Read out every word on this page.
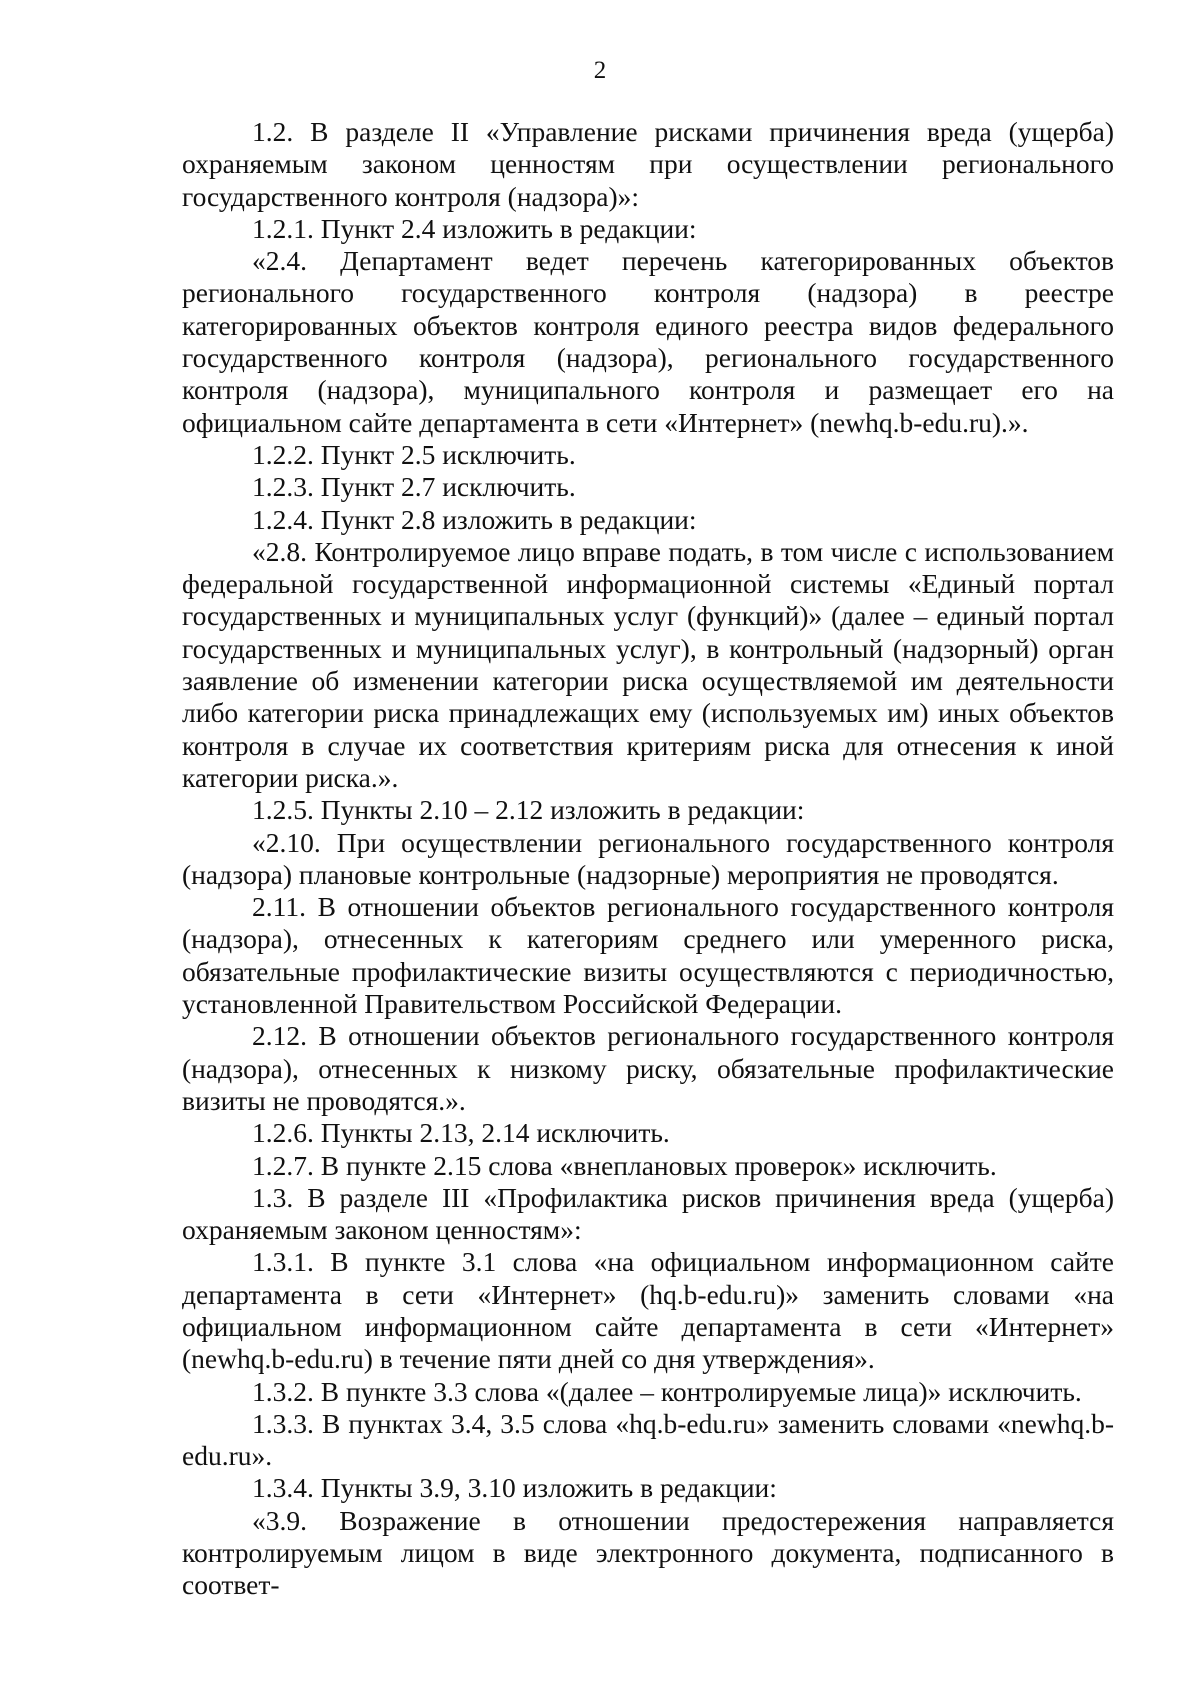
2

1.2. В разделе II «Управление рисками причинения вреда (ущерба) охраняемым законом ценностям при осуществлении регионального государственного контроля (надзора)»:

1.2.1. Пункт 2.4 изложить в редакции:

«2.4. Департамент ведет перечень категорированных объектов регионального государственного контроля (надзора) в реестре категорированных объектов контроля единого реестра видов федерального государственного контроля (надзора), регионального государственного контроля (надзора), муниципального контроля и размещает его на официальном сайте департамента в сети «Интернет» (newhq.b-edu.ru).».

1.2.2. Пункт 2.5 исключить.

1.2.3. Пункт 2.7 исключить.

1.2.4. Пункт 2.8 изложить в редакции:

«2.8. Контролируемое лицо вправе подать, в том числе с использованием федеральной государственной информационной системы «Единый портал государственных и муниципальных услуг (функций)» (далее – единый портал государственных и муниципальных услуг), в контрольный (надзорный) орган заявление об изменении категории риска осуществляемой им деятельности либо категории риска принадлежащих ему (используемых им) иных объектов контроля в случае их соответствия критериям риска для отнесения к иной категории риска.».

1.2.5. Пункты 2.10 – 2.12 изложить в редакции:

«2.10. При осуществлении регионального государственного контроля (надзора) плановые контрольные (надзорные) мероприятия не проводятся.

2.11. В отношении объектов регионального государственного контроля (надзора), отнесенных к категориям среднего или умеренного риска, обязательные профилактические визиты осуществляются с периодичностью, установленной Правительством Российской Федерации.

2.12. В отношении объектов регионального государственного контроля (надзора), отнесенных к низкому риску, обязательные профилактические визиты не проводятся.».

1.2.6. Пункты 2.13, 2.14 исключить.

1.2.7. В пункте 2.15 слова «внеплановых проверок» исключить.

1.3. В разделе III «Профилактика рисков причинения вреда (ущерба) охраняемым законом ценностям»:

1.3.1. В пункте 3.1 слова «на официальном информационном сайте департамента в сети «Интернет» (hq.b-edu.ru)» заменить словами «на официальном информационном сайте департамента в сети «Интернет» (newhq.b-edu.ru) в течение пяти дней со дня утверждения».

1.3.2. В пункте 3.3 слова «(далее – контролируемые лица)» исключить.

1.3.3. В пунктах 3.4, 3.5 слова «hq.b-edu.ru» заменить словами «newhq.b-edu.ru».

1.3.4. Пункты 3.9, 3.10 изложить в редакции:

«3.9. Возражение в отношении предостережения направляется контролируемым лицом в виде электронного документа, подписанного в соответ-
